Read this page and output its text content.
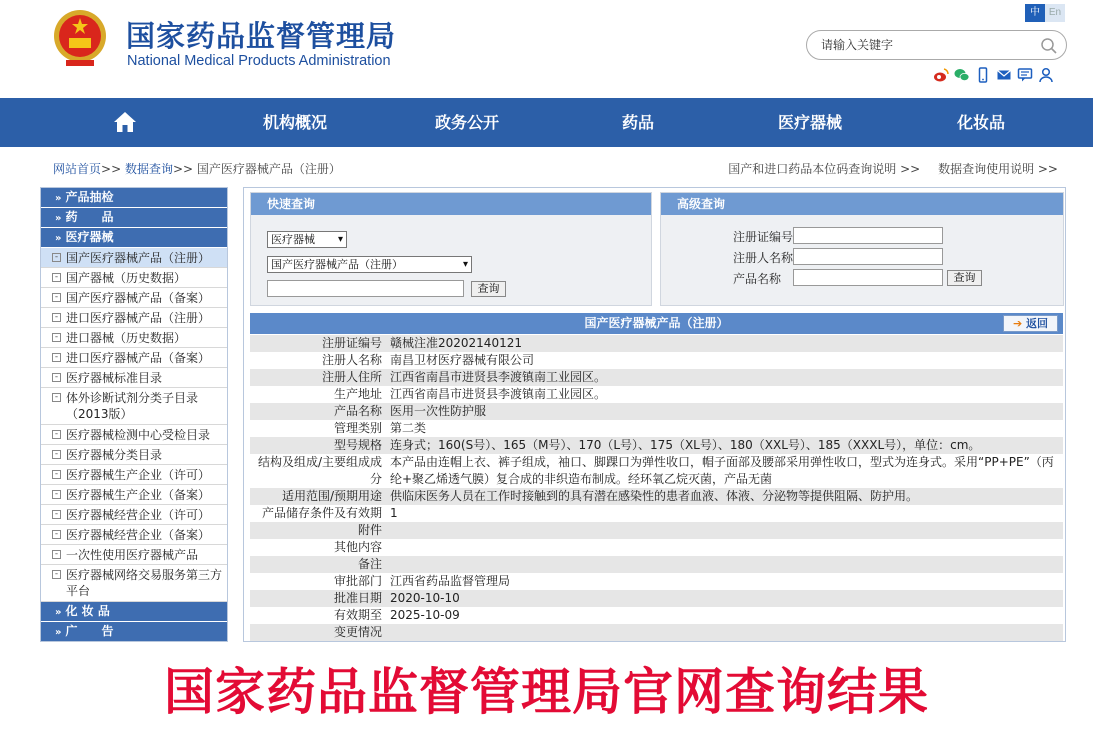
国家药品监督管理局
National Medical Products Administration
中 En
请输入关键字
机构概况	政务公开	药品	医疗器械	化妆品
网站首页>> 数据查询>> 国产医疗器械产品（注册）	国产和进口药品本位码查询说明 >> 数据查询使用说明 >>
» 产品抽检
» 药　　品
» 医疗器械
- 国产医疗器械产品（注册）
- 国产器械（历史数据）
- 国产医疗器械产品（备案）
- 进口医疗器械产品（注册）
- 进口器械（历史数据）
- 进口医疗器械产品（备案）
- 医疗器械标准目录
- 体外诊断试剂分类子目录（2013版）
- 医疗器械检测中心受检目录
- 医疗器械分类目录
- 医疗器械生产企业（许可）
- 医疗器械生产企业（备案）
- 医疗器械经营企业（许可）
- 医疗器械经营企业（备案）
- 一次性使用医疗器械产品
- 医疗器械网络交易服务第三方平台
» 化 妆 品
» 广　　告
快速查询
医疗器械 ▾
国产医疗器械产品（注册）	▾
查询
高级查询
注册证编号
注册人名称
产品名称	查询
国产医疗器械产品（注册）	➔ 返回
注册证编号 赣械注准20202140121
注册人名称 南昌卫材医疗器械有限公司
注册人住所 江西省南昌市进贤县李渡镇南工业园区。
生产地址 江西省南昌市进贤县李渡镇南工业园区。
产品名称 医用一次性防护服
管理类别 第二类
型号规格 连身式；160(S号）、165（M号）、170（L号）、175（XL号）、180（XXL号）、185（XXXL号），单位：cm。
结构及组成/主要组成成分
本产品由连帽上衣、裤子组成，袖口、脚踝口为弹性收口，帽子面部及腰部采用弹性收口，型式为连身式。采用“PP+PE”（丙纶+聚乙烯透气膜）复合成的非织造布制成。经环氧乙烷灭菌，产品无菌
适用范围/预期用途 供临床医务人员在工作时接触到的具有潜在感染性的患者血液、体液、分泌物等提供阻隔、防护用。
产品储存条件及有效期 1
附件
其他内容
备注
审批部门 江西省药品监督管理局
批准日期 2020-10-10
有效期至 2025-10-09
变更情况
国家药品监督管理局官网查询结果
